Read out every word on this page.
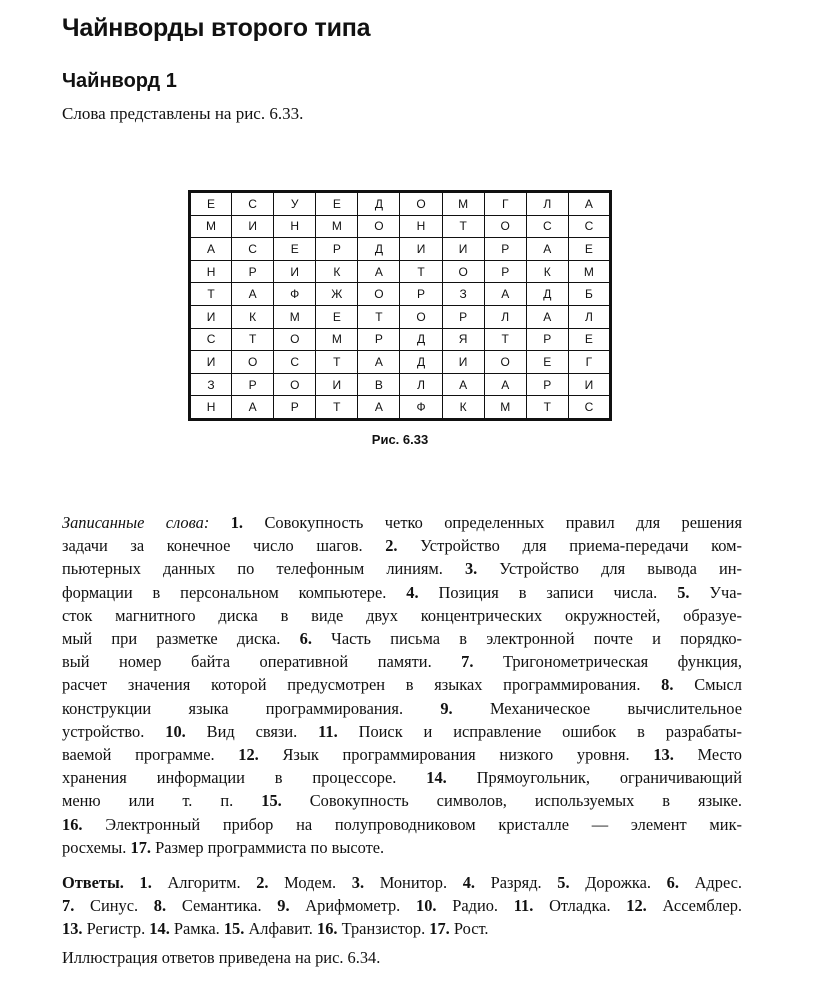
Чайнворды второго типа
Чайнворд 1
Слова представлены на рис. 6.33.
Е	С	У	Е	Д	О	М	Г	Л	А
М	И	Н	М	О	Н	Т	О	С	С
А	С	Е	Р	Д	И	И	Р	А	Е
Н	Р	И	К	А	Т	О	Р	К	М
Т	А	Ф	Ж	О	Р	З	А	Д	Б
И	К	М	Е	Т	О	Р	Л	А	Л
С	Т	О	М	Р	Д	Я	Т	Р	Е
И	О	С	Т	А	Д	И	О	Е	Г
З	Р	О	И	В	Л	А	А	Р	И
Н	А	Р	Т	А	Ф	К	М	Т	С
Рис. 6.33
Записанные слова: 1. Совокупность четко определенных правил для решения
задачи за конечное число шагов. 2. Устройство для приема-передачи ком-
пьютерных данных по телефонным линиям. 3. Устройство для вывода ин-
формации в персональном компьютере. 4. Позиция в записи числа. 5. Уча-
сток магнитного диска в виде двух концентрических окружностей, образуе-
мый при разметке диска. 6. Часть письма в электронной почте и порядко-
вый номер байта оперативной памяти. 7. Тригонометрическая функция,
расчет значения которой предусмотрен в языках программирования. 8. Смысл
конструкции языка программирования. 9. Механическое вычислительное
устройство. 10. Вид связи. 11. Поиск и исправление ошибок в разрабаты-
ваемой программе. 12. Язык программирования низкого уровня. 13. Место
хранения информации в процессоре. 14. Прямоугольник, ограничивающий
меню или т. п. 15. Совокупность символов, используемых в языке.
16. Электронный прибор на полупроводниковом кристалле — элемент мик-
росхемы. 17. Размер программиста по высоте.
Ответы. 1. Алгоритм. 2. Модем. 3. Монитор. 4. Разряд. 5. Дорожка. 6. Адрес.
7. Синус. 8. Семантика. 9. Арифмометр. 10. Радио. 11. Отладка. 12. Ассемблер.
13. Регистр. 14. Рамка. 15. Алфавит. 16. Транзистор. 17. Рост.
Иллюстрация ответов приведена на рис. 6.34.
